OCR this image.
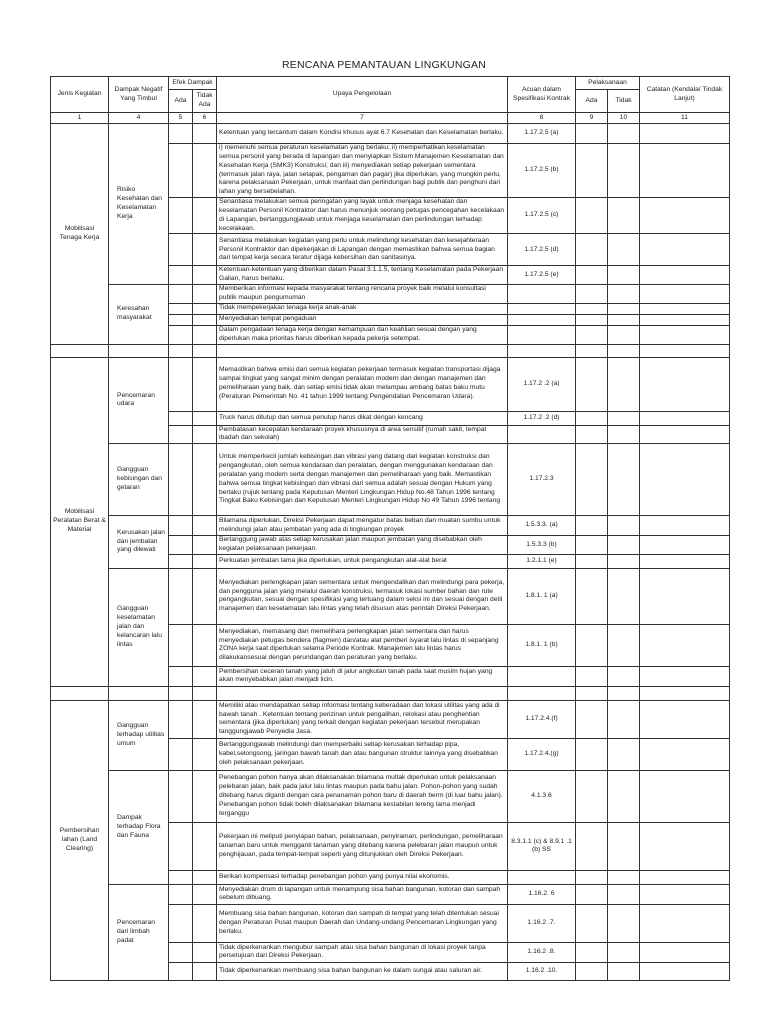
RENCANA PEMANTAUAN LINGKUNGAN
Jenis Kegiatan	Dampak Negatif Yang Timbul	Efek Dampak		Upaya Pengelolaan	Acuan dalam Spesifikasi Kontrak	Pelaksanaan		Catatan (Kendala/ Tindak Lanjut)
		Ada	Tidak Ada			Ada	Tidak	
1	4	5	6	7	8	9	10	11
Mobilisasi Tenaga Kerja	Risiko Kesehatan dan Keselamatan Kerja			Ketentuan yang tercantum dalam Kondisi khusus ayat 6.7 Kesehatan dan Keselamatan berlaku.	1.17.2.5 (a)			
				i) memenuhi semua peraturan keselamatan yang berlaku; ii) memperhatikan keselamatan semua personil yang berada di lapangan dan menyiapkan Sistem Manajemen Keselamatan dan Kesehatan Kerja (SMK3) Konstruksi; dan iii) menyediakan setiap pekerjaan sementara (termasuk jalan raya, jalan setapak, pengaman dan pagar) jika diperlukan, yang mungkin perlu, karena pelaksanaan Pekerjaan, untuk manfaat dan perlindungan bagi publik dan penghuni dari lahan yang bersebelahan.	1.17.2.5 (b)			
				Senantiasa melakukan semua peringatan yang layak untuk menjaga kesehatan dan keselamatan Personil Kontraktor dan harus menunjuk seorang petugas pencegahan kecelakaan di Lapangan, bertanggungjawab untuk menjaga keselamatan dan perlindungan terhadap kecelakaan.	1.17.2.5 (c)			
				Senantiasa melakukan kegiatan yang perlu untuk melindungi kesehatan dan kesejahteraan Personil Kontraktor dan dipekerjakan di Lapangan dengan memastikan bahwa semua bagian dari tempat kerja secara teratur dijaga kebersihan dan sanitasinya.	1.17.2.5 (d)			
				Ketentuan-ketentuan yang diberikan dalam Pasal 3.1.1.5, tentang Keselamatan pada Pekerjaan Galian, harus berlaku.	1.17.2.5 (e)			
	Keresahan masyarakat			Memberikan informasi kepada masyarakat tentang rencana proyek baik melalui konsultasi publik maupun pengumuman				
				Tidak mempekerjakan tenaga kerja anak-anak				
				Menyediakan tempat pengaduan				
				Dalam pengadaan tenaga kerja dengan kemampuan dan keahlian sesuai dengan yang diperlukan maka prioritas harus diberikan kepada pekerja setempat.				

Mobilisasi Peralatan Berat & Material	Pencemaran udara			Memastikan bahwa emisi dari semua kegiatan pekerjaan termasuk kegiatan transportasi dijaga sampai tingkat yang sangat minim dengan peralatan modern dan dengan manajemen dan pemeliharaan yang baik, dan setiap emisi tidak akan melampau ambang batas baku mutu (Peraturan Pemerintah No. 41 tahun 1999 tentang Pengendalian Pencemaran Udara).	1.17.2 .2 (a)			
				Truck harus ditutup dan semua penutup harus dikat dengan kencang	1.17.2 .2 (d)			
				Pembatasan kecepatan kendaraan proyek khususnya di area sensitif (rumah sakit, tempat ibadah dan sekolah)				
	Gangguan kebisingan dan getaran			Untuk memperkecil jumlah kebisingan dan vibrasi yang datang dari kegiatan konstruksi dan pengangkutan, oleh semua kendaraan dan peralatan, dengan menggunakan kendaraan dan peralatan yang modern serta dengan manajemen dan pemeliharaan yang baik. Memastikan bahwa semua tingkat kebisingan dan vibrasi dari semua adalah sesuai dengan Hukum yang berlaku (rujuk tentang pada Keputusan Menteri Lingkungan Hidup No.48 Tahun 1996 tentang Tingkat Baku Kebisingan dan Keputusan Menteri Lingkungan Hidup No 49 Tahun 1996 tentang	1.17.2.3			
	Kerusakan jalan dan jembatan yang dilewati			Bilamana diperlukan, Direksi Pekerjaan dapat mengatur batas beban dan muatan sumbu untuk melindungi jalan atau jembatan yang ada di lingkungan proyek	1.5.3.3. (a)			
				Bertanggung jawab atas setiap kerusakan jalan maupun jembatan yang disebabkan oleh kegiatan pelaksanaan pekerjaan.	1.5.3.3 (b)			
				Perkuatan jembatan lama jika diperlukan, untuk pengangkutan alat-alat berat	1.2.1.1 (e)			
	Gangguan keselamatan jalan dan kelancaran lalu lintas			Menyediakan perlengkapan jalan sementara untuk mengendalikan dan melindungi para pekerja, dan pengguna jalan yang melalui daerah konstruksi, termasuk lokasi sumber bahan dan rute pengangkutan, sesuai dengan spesifikasi yang tertuang dalam seksi ini dan sesuai dengan detil manajemen dan keselamatan lalu lintas yang telah disusun atas perintah Direksi Pekerjaan.	1.8.1. 1 (a)			
				Menyediakan, memasang dan memelihara perlengkapan jalan sementara dan harus menyediakan petugas bendera (flagmen) dan/atau alat pemberi isyarat lalu lintas di sepanjang ZONA kerja saat diperlukan selama Periode Kontrak. Manajemen lalu lintas harus dilakukansesuai dengan perundangan dan peraturan yang berlaku.	1.8.1. 1 (b)			
				Pembersihan ceceran tanah yang jatuh di jalur angkutan tanah pada saat musim hujan yang akan menyebabkan jalan menjadi licin.				

Pembersihan lahan (Land Clearing)	Gangguan terhadap utilitas umum			Memiliki atau mendapatkan setiap informasi tentang keberadaan dan lokasi utilitas yang ada di bawah tanah . Ketentuan tentang perizinan untuk pengalihan, relokasi atau penghentian sementara (jika diperlukan) yang terkait dengan kegiatan pekerjaan tersebut merupakan tanggungjawab Penyedia Jasa.	1.17.2.4.(f)			
				Bertanggungjawab melindungi dan memperbaiki setiap kerusakan terhadap pipa, kabel,selongsong, jaringan bawah tanah dan atau bangunan struktur lainnya yang disebabkan oleh pelaksanaan pekerjaan.	1.17.2.4.(g)			
	Dampak terhadap Flora dan Fauna			Penebangan pohon hanya akan dilaksanakan bilamana mutlak diperlukan untuk pelaksanaan pelebaran jalan, baik pada jalur lalu lintas maupun pada bahu jalan. Pohon-pohon yang sudah ditebang harus diganti dengan cara penanaman pohon baru di daerah berm (di luar bahu jalan). Penebangan pohon tidak boleh dilaksanakan bilamana kestabilan lereng lama menjadi terganggu	4.1.3.6			
				Pekerjaan ini meliputi penyiapan bahan, pelaksanaan, penyiraman, perlindungan, pemeliharaan tanaman baru untuk mengganti tanaman yang ditebang karena pelebaran jalan maupun untuk penghijauan, pada tempat-tempat seperti yang ditunjukkan oleh Direksi Pekerjaan.	8.3.1.1 (c) & 8.9.1 .1 (b) SS			
				Berikan kompensasi terhadap penebangan pohon yang punya nilai ekonomis.				
	Pencemaran dari limbah padat			Menyediakan drum di lapangan untuk menampung sisa bahan bangunan, kotoran dan sampah sebelum dibuang.	1.16.2. 6			
				Membuang sisa bahan bangunan, kotoran dan sampah di tempat yang telah ditentukan sesuai dengan Peraturan Pusat maupun Daerah dan Undang-undang Pencemaran Lingkungan yang berlaku.	1.16.2 .7.			
				Tidak diperkenankan mengubur sampah atau sisa bahan bangunan di lokasi proyek tanpa persetujuan dari Direksi Pekerjaan.	1.16.2 .8.			
				Tidak diperkenankan membuang sisa bahan bangunan ke dalam sungai atau saluran air.	1.16.2 .10.			
